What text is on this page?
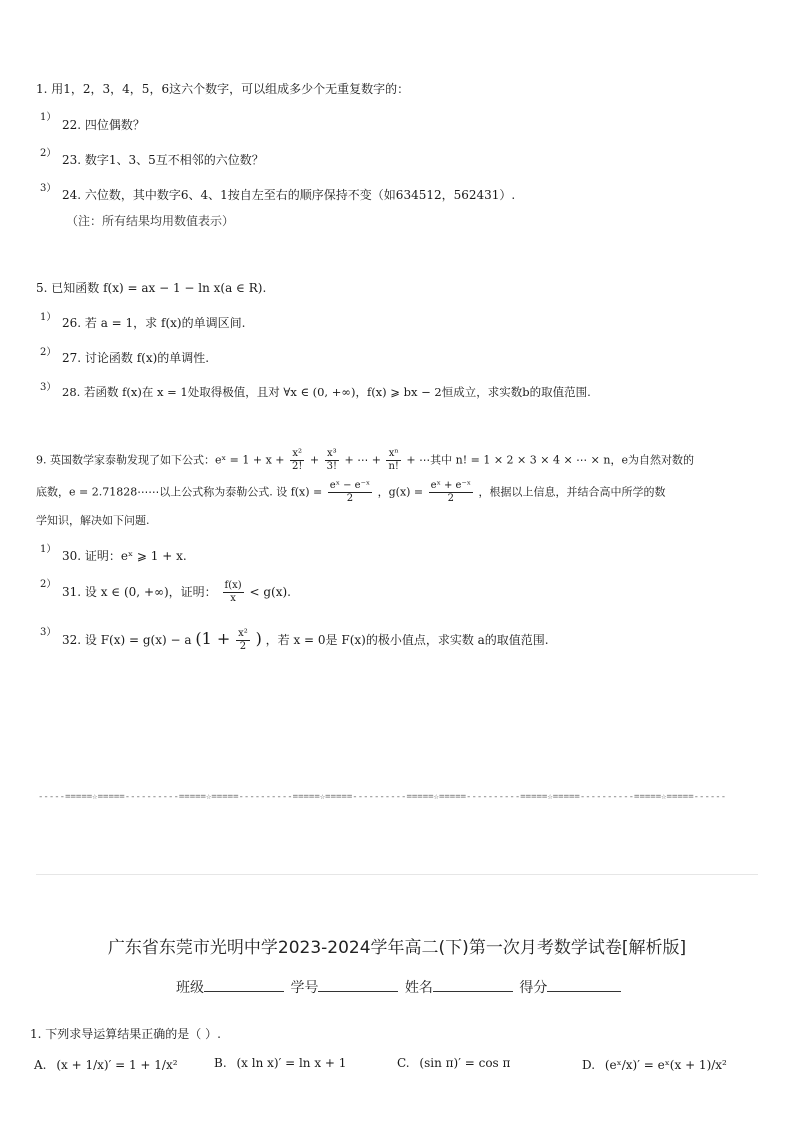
1. 用1，2，3，4，5，6这六个数字，可以组成多少个无重复数字的：
1）
22. 四位偶数？
2） 23. 数字1、3、5互不相邻的六位数？
3） 24. 六位数，其中数字6、4、1按自左至右的顺序保持不变（如634512，562431）.
（注：所有结果均用数值表示）
5. 已知函数 f(x) = ax − 1 − ln x(a ∈ R).
1） 26. 若 a = 1，求 f(x)的单调区间.
2） 27. 讨论函数 f(x)的单调性.
3） 28. 若函数 f(x)在 x = 1处取得极值，且对 ∀x ∈ (0, +∞)，f(x) ⩾ bx − 2恒成立，求实数b的取值范围.
9. 英国数学家泰勒发现了如下公式：eˣ = $1 + x + \frac{\text{x²}}{2!} + \frac{\text{x³}}{3!}$ + ⋯ + $\frac{\text{xⁿ}}{n!}$ + ⋯其中 n! = 1 × 2 × 3 × 4 × ⋯ × n，e为自然对数的
底数，e = 2.71828⋯⋯以上公式称为泰勒公式. 设 $f(x) = \frac{\text{eˣ − e⁻ˣ}}{2}$ ，$g(x) = \frac{\text{eˣ + e⁻ˣ}}{2}$ ，根据以上信息，并结合高中所学的数
学知识，解决如下问题.
1） 30. 证明：eˣ ⩾ 1 + x.
2）
31. 设 x ∈ (0, +∞)，证明： $\frac{f(x)}{x} < g(x)$.
3）
32. 设 F(x) = g(x) − a ($1 + \frac{\text{x²}}{2}$ ) ，若 x = 0是 F(x)的极小值点，求实数 a的取值范围.
-----=====☆=====----------=====☆=====----------=====☆=====----------=====☆=====----------=====☆=====----------=====☆=====------
广东省东莞市光明中学2023-2024学年高二(下)第一次月考数学试卷[解析版]
班级	学号	姓名	得分
1. 下列求导运算结果正确的是（ ）.
A. (x + 1/x)′ = 1 + 1/x²	B. (x ln x)′ = ln x + 1	C. (sin π)′ = cos π	D. (eˣ/x)′ = eˣ(x + 1)/x²
